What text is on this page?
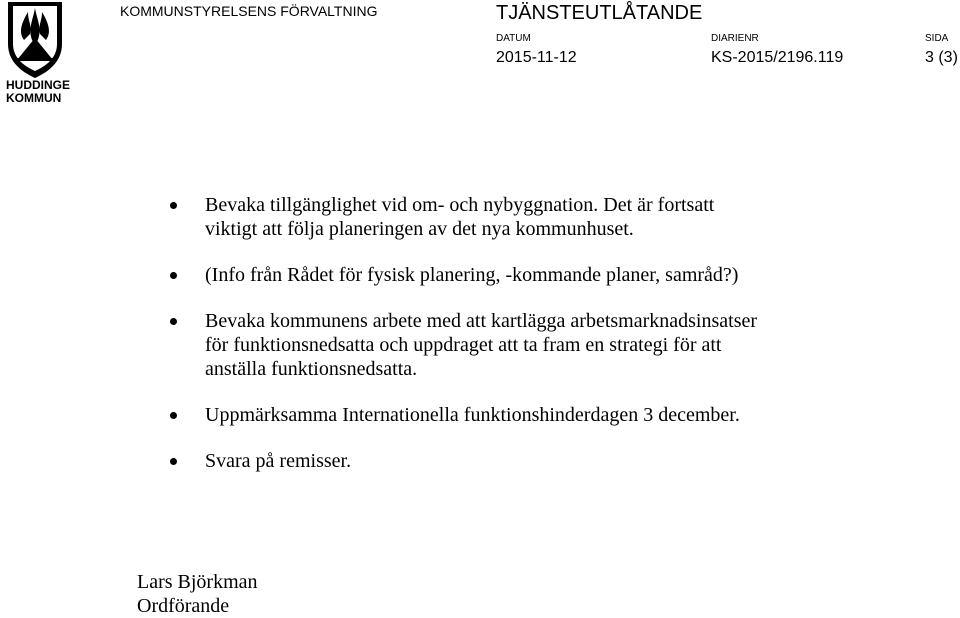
HUDDINGE
KOMMUN
KOMMUNSTYRELSENS FÖRVALTNING	TJÄNSTEUTLÅTANDE
DATUM	DIARIENR	SIDA
2015-11-12	KS-2015/2196.119	3 (3)
Bevaka tillgänglighet vid om- och nybyggnation. Det är fortsatt
viktigt att följa planeringen av det nya kommunhuset.
(Info från Rådet för fysisk planering, -kommande planer, samråd?)
Bevaka kommunens arbete med att kartlägga arbetsmarknadsinsatser
för funktionsnedsatta och uppdraget att ta fram en strategi för att
anställa funktionsnedsatta.
Uppmärksamma Internationella funktionshinderdagen 3 december.
Svara på remisser.
Lars Björkman
Ordförande
